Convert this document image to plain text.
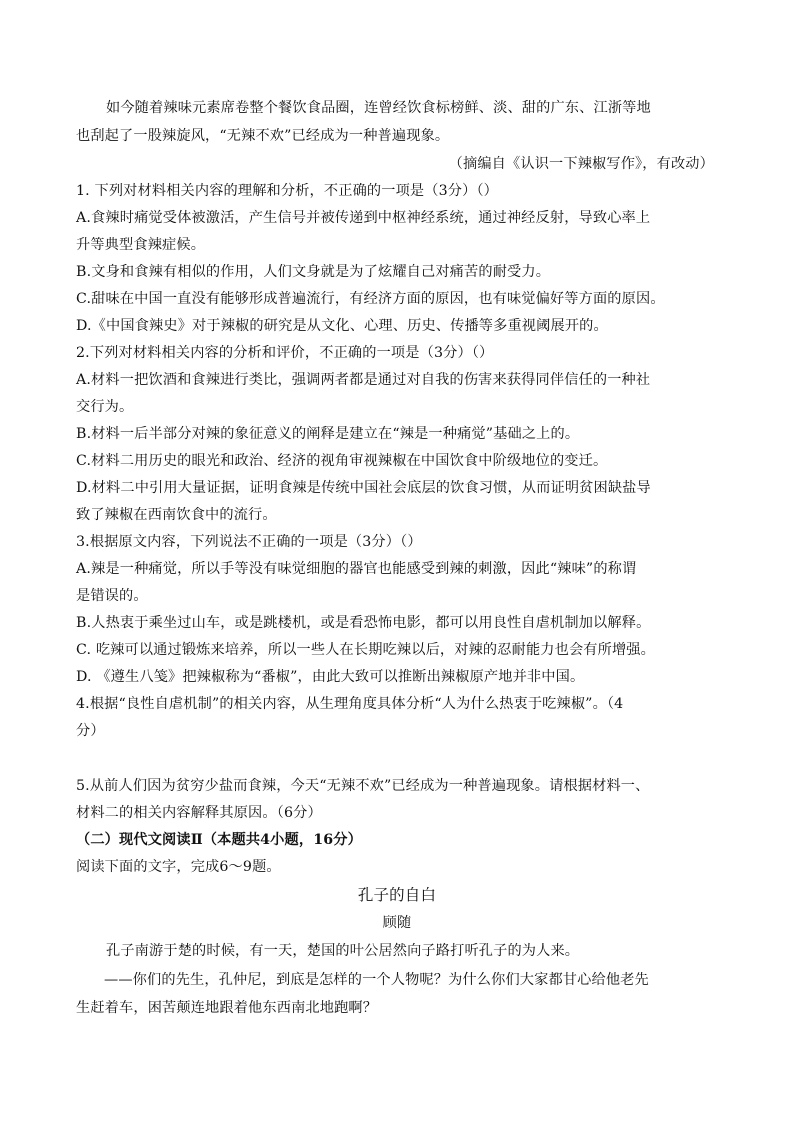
如今随着辣味元素席卷整个餐饮食品圈，连曾经饮食标榜鲜、淡、甜的广东、江浙等地
也刮起了一股辣旋风，“无辣不欢”已经成为一种普遍现象。
（摘编自《认识一下辣椒写作》，有改动）
1. 下列对材料相关内容的理解和分析，不正确的一项是（3分）（）
A.食辣时痛觉受体被激活，产生信号并被传递到中枢神经系统，通过神经反射，导致心率上
升等典型食辣症候。
B.文身和食辣有相似的作用，人们文身就是为了炫耀自己对痛苦的耐受力。
C.甜味在中国一直没有能够形成普遍流行，有经济方面的原因，也有味觉偏好等方面的原因。
D.《中国食辣史》对于辣椒的研究是从文化、心理、历史、传播等多重视阈展开的。
2.下列对材料相关内容的分析和评价，不正确的一项是（3分）（）
A.材料一把饮酒和食辣进行类比，强调两者都是通过对自我的伤害来获得同伴信任的一种社
交行为。
B.材料一后半部分对辣的象征意义的阐释是建立在“辣是一种痛觉”基础之上的。
C.材料二用历史的眼光和政治、经济的视角审视辣椒在中国饮食中阶级地位的变迁。
D.材料二中引用大量证据，证明食辣是传统中国社会底层的饮食习惯，从而证明贫困缺盐导
致了辣椒在西南饮食中的流行。
3.根据原文内容，下列说法不正确的一项是（3分）（）
A.辣是一种痛觉，所以手等没有味觉细胞的器官也能感受到辣的刺激，因此“辣味”的称谓
是错误的。
B.人热衷于乘坐过山车，或是跳楼机，或是看恐怖电影，都可以用良性自虐机制加以解释。
C. 吃辣可以通过锻炼来培养，所以一些人在长期吃辣以后，对辣的忍耐能力也会有所增强。
D. 《遵生八笺》把辣椒称为“番椒”，由此大致可以推断出辣椒原产地并非中国。
4.根据“良性自虐机制”的相关内容，从生理角度具体分析“人为什么热衷于吃辣椒”。（4
分）
5.从前人们因为贫穷少盐而食辣，今天“无辣不欢”已经成为一种普遍现象。请根据材料一、
材料二的相关内容解释其原因。（6分）
（二）现代文阅读Ⅱ（本题共4小题，16分）
阅读下面的文字，完成6～9题。
孔子的自白
顾随
孔子南游于楚的时候，有一天，楚国的叶公居然向子路打听孔子的为人来。
——你们的先生，孔仲尼，到底是怎样的一个人物呢？为什么你们大家都甘心给他老先
生赶着车，困苦颠连地跟着他东西南北地跑啊？
